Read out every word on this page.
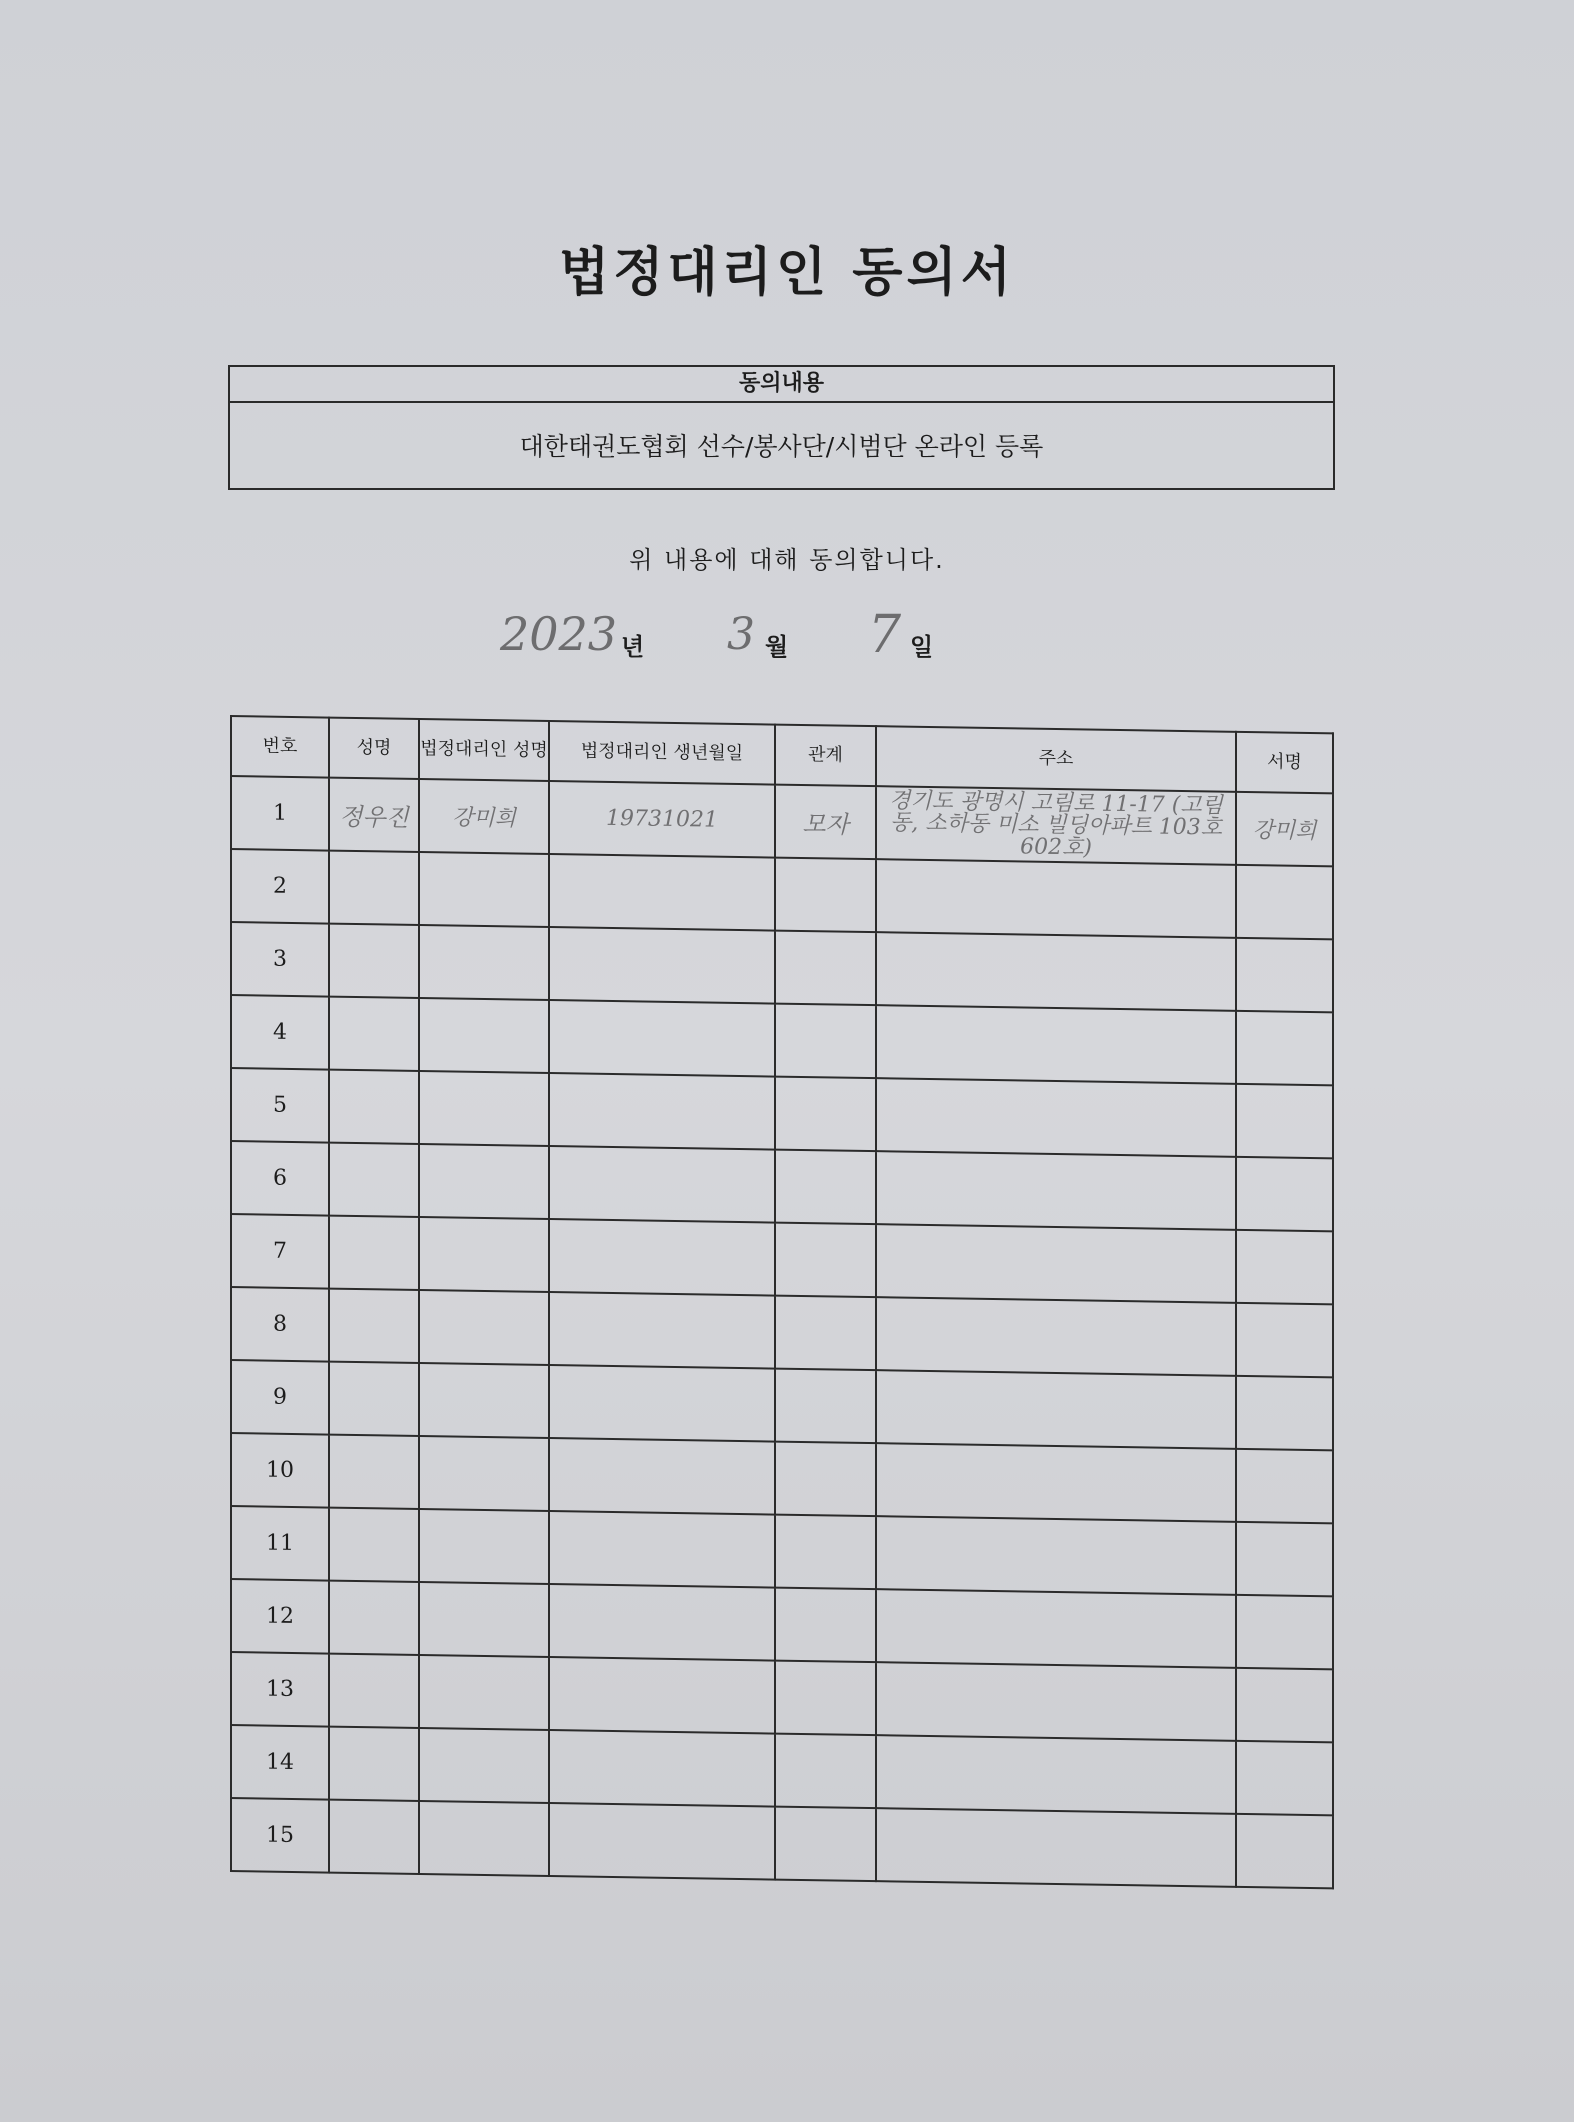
법정대리인 동의서
동의내용
대한태권도협회 선수/봉사단/시범단 온라인 등록
위 내용에 대해 동의합니다.
2023 년 3 월 7 일
번호	성명	법정대리인 성명	법정대리인 생년월일	관계	주소	서명
1	정우진	강미희	19731021	모자	경기도 광명시 고림로 11-17 (고림동, 소하동 미소 빌딩아파트 103호 602호)	강미희
2						
3						
4						
5						
6						
7						
8						
9						
10						
11						
12						
13						
14						
15						
